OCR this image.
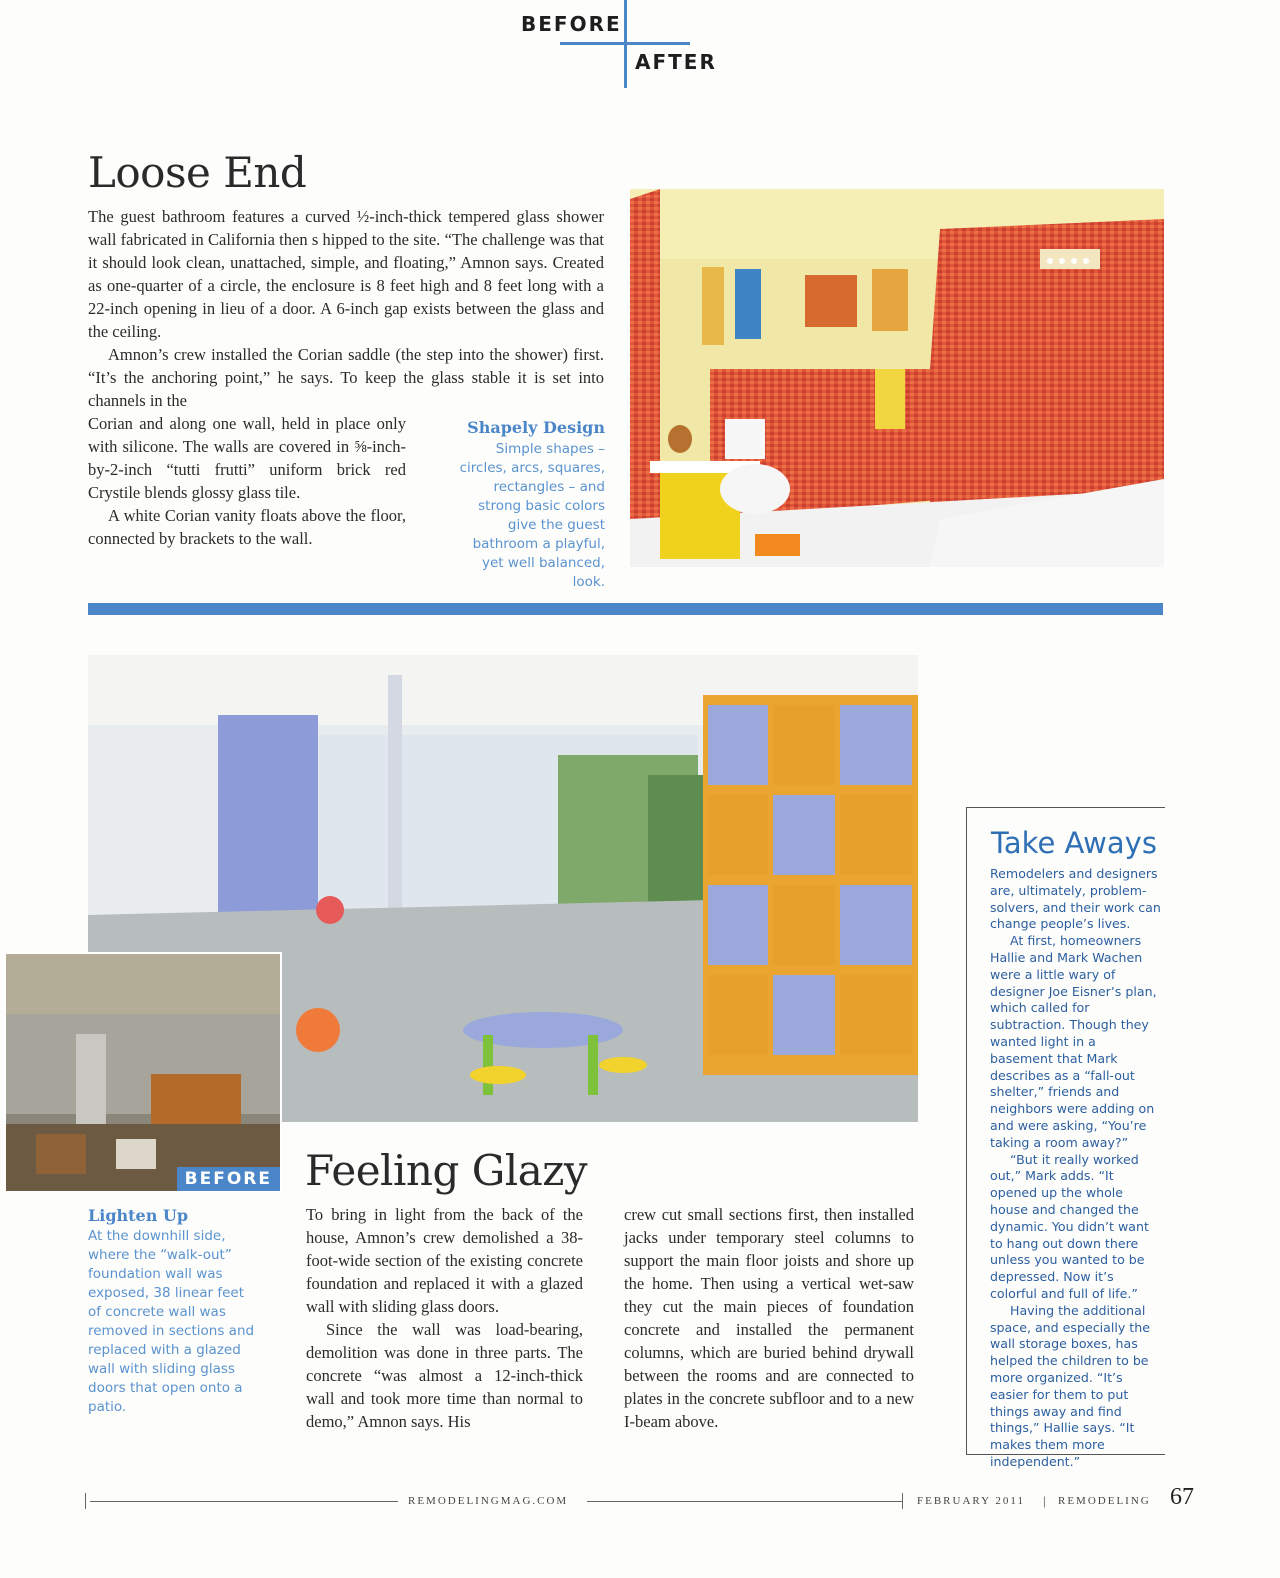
BEFORE
AFTER
Loose End

The guest bathroom features a curved ½-inch-thick tempered glass shower wall fabricated in California then s hipped to the site. “The challenge was that it should look clean, unattached, simple, and floating,” Amnon says. Created as one-quarter of a circle, the enclosure is 8 feet high and 8 feet long with a 22-inch opening in lieu of a door. A 6-inch gap exists between the glass and the ceiling.

Amnon’s crew installed the Corian saddle (the step into the shower) first. “It’s the anchoring point,” he says. To keep the glass stable it is set into channels in the

Corian and along one wall, held in place only with silicone. The walls are covered in ⅝-inch-by-2-inch “tutti frutti” uniform brick red Crystile blends glossy glass tile.

A white Corian vanity floats above the floor, connected by brackets to the wall.

Shapely Design
Simple shapes – circles, arcs, squares, rectangles – and strong basic colors give the guest bathroom a playful, yet well balanced, look.
BEFORE
Lighten Up
At the downhill side, where the “walk-out” foundation wall was exposed, 38 linear feet of concrete wall was removed in sections and replaced with a glazed wall with sliding glass doors that open onto a patio.
Feeling Glazy

To bring in light from the back of the house, Amnon’s crew demolished a 38-foot-wide section of the existing concrete foundation and replaced it with a glazed wall with sliding glass doors.

Since the wall was load-bearing, demolition was done in three parts. The concrete “was almost a 12-inch-thick wall and took more time than normal to demo,” Amnon says. His

crew cut small sections first, then installed jacks under temporary steel columns to support the main floor joists and shore up the home. Then using a vertical wet-saw they cut the main pieces of foundation concrete and installed the permanent columns, which are buried behind drywall between the rooms and are connected to plates in the concrete subfloor and to a new I-beam above.

Take Aways

Remodelers and designers are, ultimately, problem-solvers, and their work can change people’s lives.

At first, homeowners Hallie and Mark Wachen were a little wary of designer Joe Eisner’s plan, which called for subtraction. Though they wanted light in a basement that Mark describes as a “fall-out shelter,” friends and neighbors were adding on and were asking, “You’re taking a room away?”

“But it really worked out,” Mark adds. “It opened up the whole house and changed the dynamic. You didn’t want to hang out down there unless you wanted to be depressed. Now it’s colorful and full of life.”

Having the additional space, and especially the wall storage boxes, has helped the children to be more organized. “It’s easier for them to put things away and find things,” Hallie says. “It makes them more independent.”

REMODELINGMAG.COM	FEBRUARY 2011 | REMODELING 67
